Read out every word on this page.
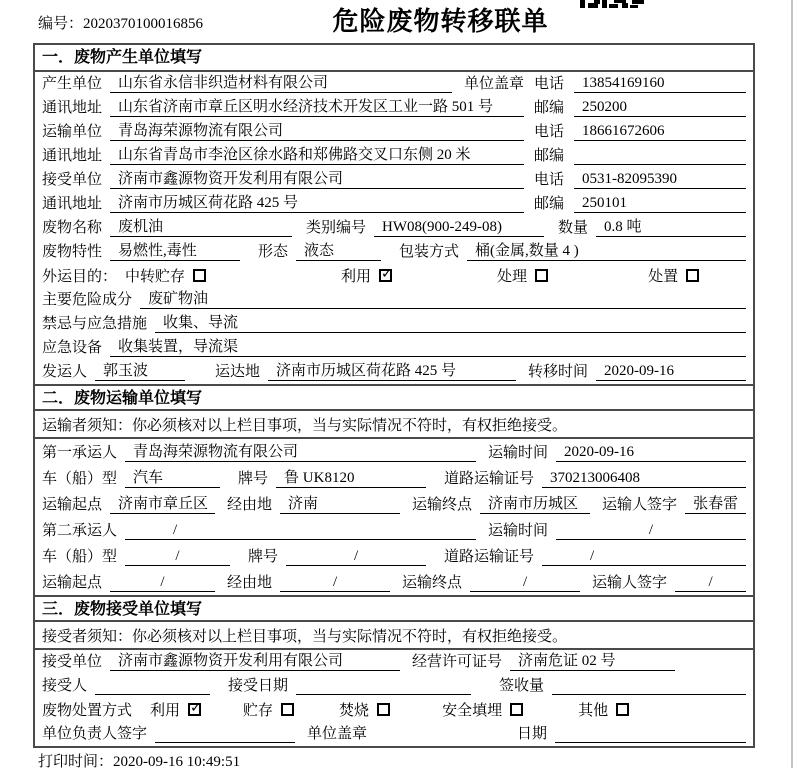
编号：2020370100016856	危险废物转移联单
一．废物产生单位填写
产生单位	山东省永信非织造材料有限公司	单位盖章 电话	13854169160
通讯地址	山东省济南市章丘区明水经济技术开发区工业一路 501 号	邮编	250200
运输单位	青岛海荣源物流有限公司	电话	18661672606
通讯地址	山东省青岛市李沧区徐水路和郑佛路交叉口东侧 20 米	邮编
接受单位	济南市鑫源物资开发利用有限公司	电话	0531-82095390
通讯地址	济南市历城区荷花路 425 号	邮编	250101
废物名称	废机油	类别编号	HW08(900-249-08)	数量	0.8 吨
废物特性	易燃性,毒性	形态	液态	包装方式	桶(金属,数量 4 )
外运目的： 中转贮存	利用 ✓	处理	处置
主要危险成分	废矿物油
禁忌与应急措施	收集、导流
应急设备	收集装置，导流渠
发运人	郭玉波	运达地	济南市历城区荷花路 425 号	转移时间	2020-09-16
二．废物运输单位填写
运输者须知： 你必须核对以上栏目事项，当与实际情况不符时，有权拒绝接受。
第一承运人	青岛海荣源物流有限公司	运输时间	2020-09-16
车（船）型	汽车	牌号	鲁 UK8120	道路运输证号	370213006408
运输起点	济南市章丘区	经由地	济南	运输终点	济南市历城区	运输人签字	张春雷
第二承运人	/	运输时间	/
车（船）型	/	牌号	/	道路运输证号	/
运输起点	/	经由地	/	运输终点	/	运输人签字	/
三．废物接受单位填写
接受者须知： 你必须核对以上栏目事项，当与实际情况不符时，有权拒绝接受。
接受单位	济南市鑫源物资开发利用有限公司	经营许可证号	济南危证 02 号
接受人	接受日期	签收量
废物处置方式 利用 ✓	贮存	焚烧	安全填埋	其他
单位负责人签字	单位盖章	日期
打印时间：2020-09-16 10:49:51
